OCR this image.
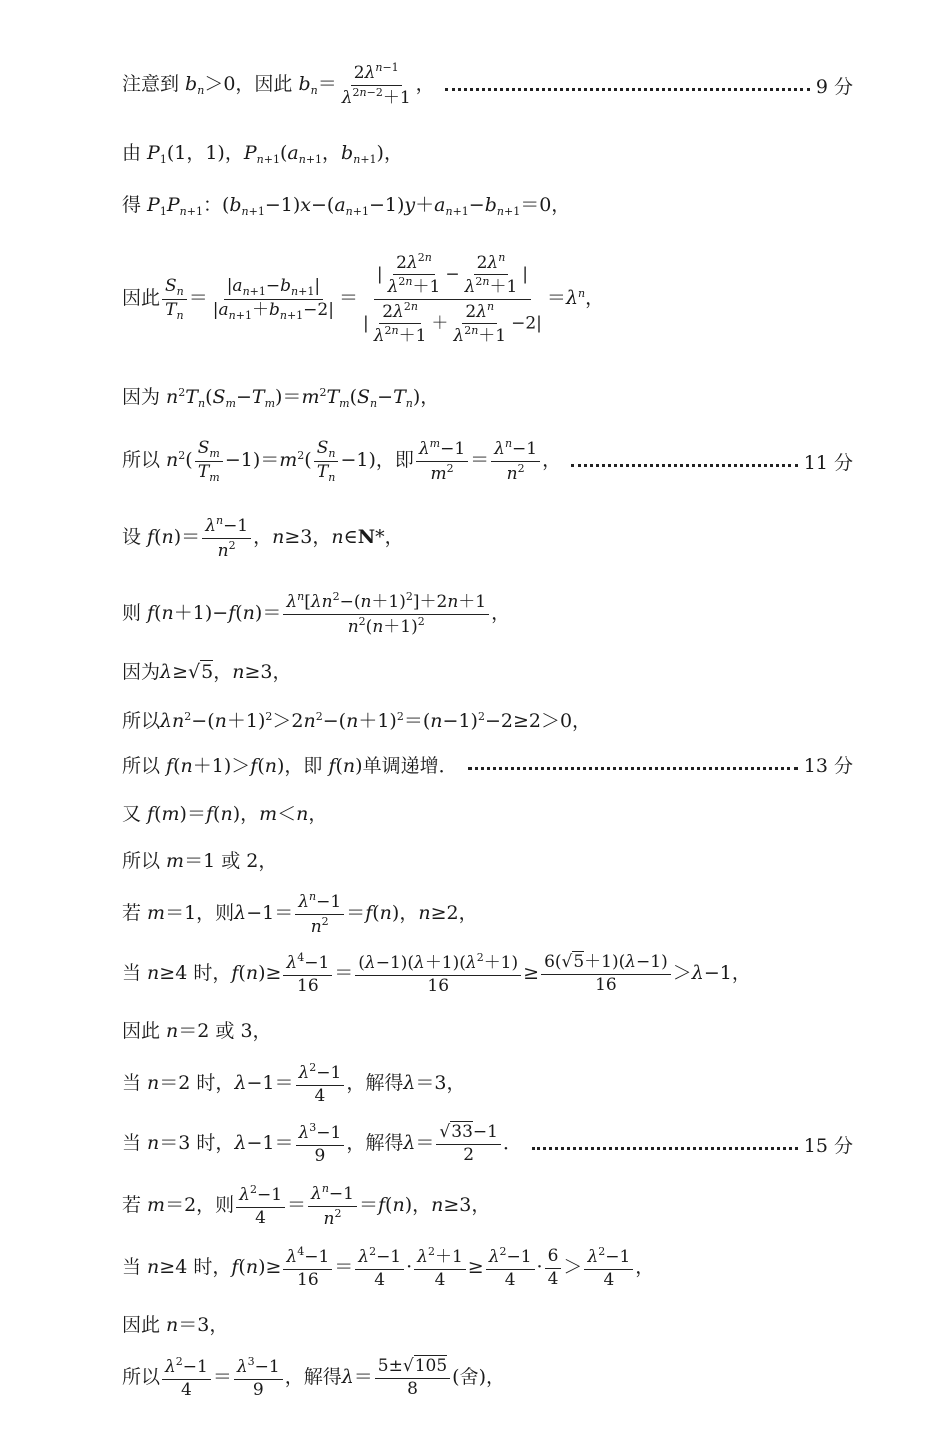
注意到 $b_n>0$，因此 $b_n= \frac{2\lambda^{n-1}}{\lambda^{2n-2}+1}$ ，	9 分
由 $P_1(1$，1)，$P_{n+1}(a_{n+1}$，$b_{n+1}$)，
得 $P_1P_{n+1}$：$(b_{n+1}-1)x-(a_{n+1}-1)y+a_{n+1}-b_{n+1}=0$，
因此 $\frac{S_n}{T_n} = \frac{|a_{n+1}-b_{n+1}|}{|a_{n+1}+b_{n+1}-2|}$ ＝
| $\frac{2\lambda^{2n}}{\lambda^{2n}+1} - \frac{2\lambda^n}{\lambda^{2n}+1}$ |
| $\frac{2\lambda^{2n}}{\lambda^{2n}+1} + \frac{2\lambda^n}{\lambda^{2n}+1} -2|$
$=\lambda^n$，
因为 $n^2T_n(S_m-T_m)=m^2T_m(S_n-T_n)$，
所以 $n^2( \frac{S_m}{T_m} -1)=m^2( \frac{S_n}{T_n} -1)$，即 $\frac{\lambda^m-1}{m^2} = \frac{\lambda^n-1}{n^2}$ ，	11 分
设 $f(n)= \frac{\lambda^n-1}{n^2}$ ，n≥3，n∈N*，
则 $f(n+1)-f(n)= \frac{\lambda^n[\lambda n^2-(n+1)^2]+2n+1}{n^2(n+1)^2}$ ，
因为λ≥√5，n≥3，
所以$\lambda n^2-(n+1)^2>2n^2-(n+1)^2=(n-1)^2-2\ge 2>0$，
所以 f(n＋1)＞f(n)，即 f(n)单调递增．	13 分
又 f(m)＝f(n)，m＜n，
所以 m＝1 或 2，
若 m＝1，则$\lambda-1= \frac{\lambda^n-1}{n^2} =f(n)$，n≥2，
当 n≥4 时，$f(n)\ge \frac{\lambda^4-1}{16} = \frac{(\lambda-1)(\lambda+1)(\lambda^2+1)}{16} \ge \frac{6(√5+1)(\lambda-1)}{16} >\lambda-1$，
因此 n＝2 或 3，
当 n＝2 时，$\lambda-1= \frac{\lambda^2-1}{4}$ ，解得λ＝3，
当 n＝3 时，$\lambda-1= \frac{\lambda^3-1}{9}$ ，解得$\lambda= \frac{√33-1}{2}$ ．	15 分
若 m＝2，则 $\frac{\lambda^2-1}{4} = \frac{\lambda^n-1}{n^2} =f(n)$，n≥3，
当 n≥4 时，$f(n)\ge \frac{\lambda^4-1}{16} = \frac{\lambda^2-1}{4} \cdot \frac{\lambda^2+1}{4} \ge \frac{\lambda^2-1}{4} \cdot \frac{6}{4} > \frac{\lambda^2-1}{4}$ ，
因此 n＝3，
所以 $\frac{\lambda^2-1}{4} = \frac{\lambda^3-1}{9}$ ，解得$\lambda= \frac{5\pm√105}{8}$ (舍)，
